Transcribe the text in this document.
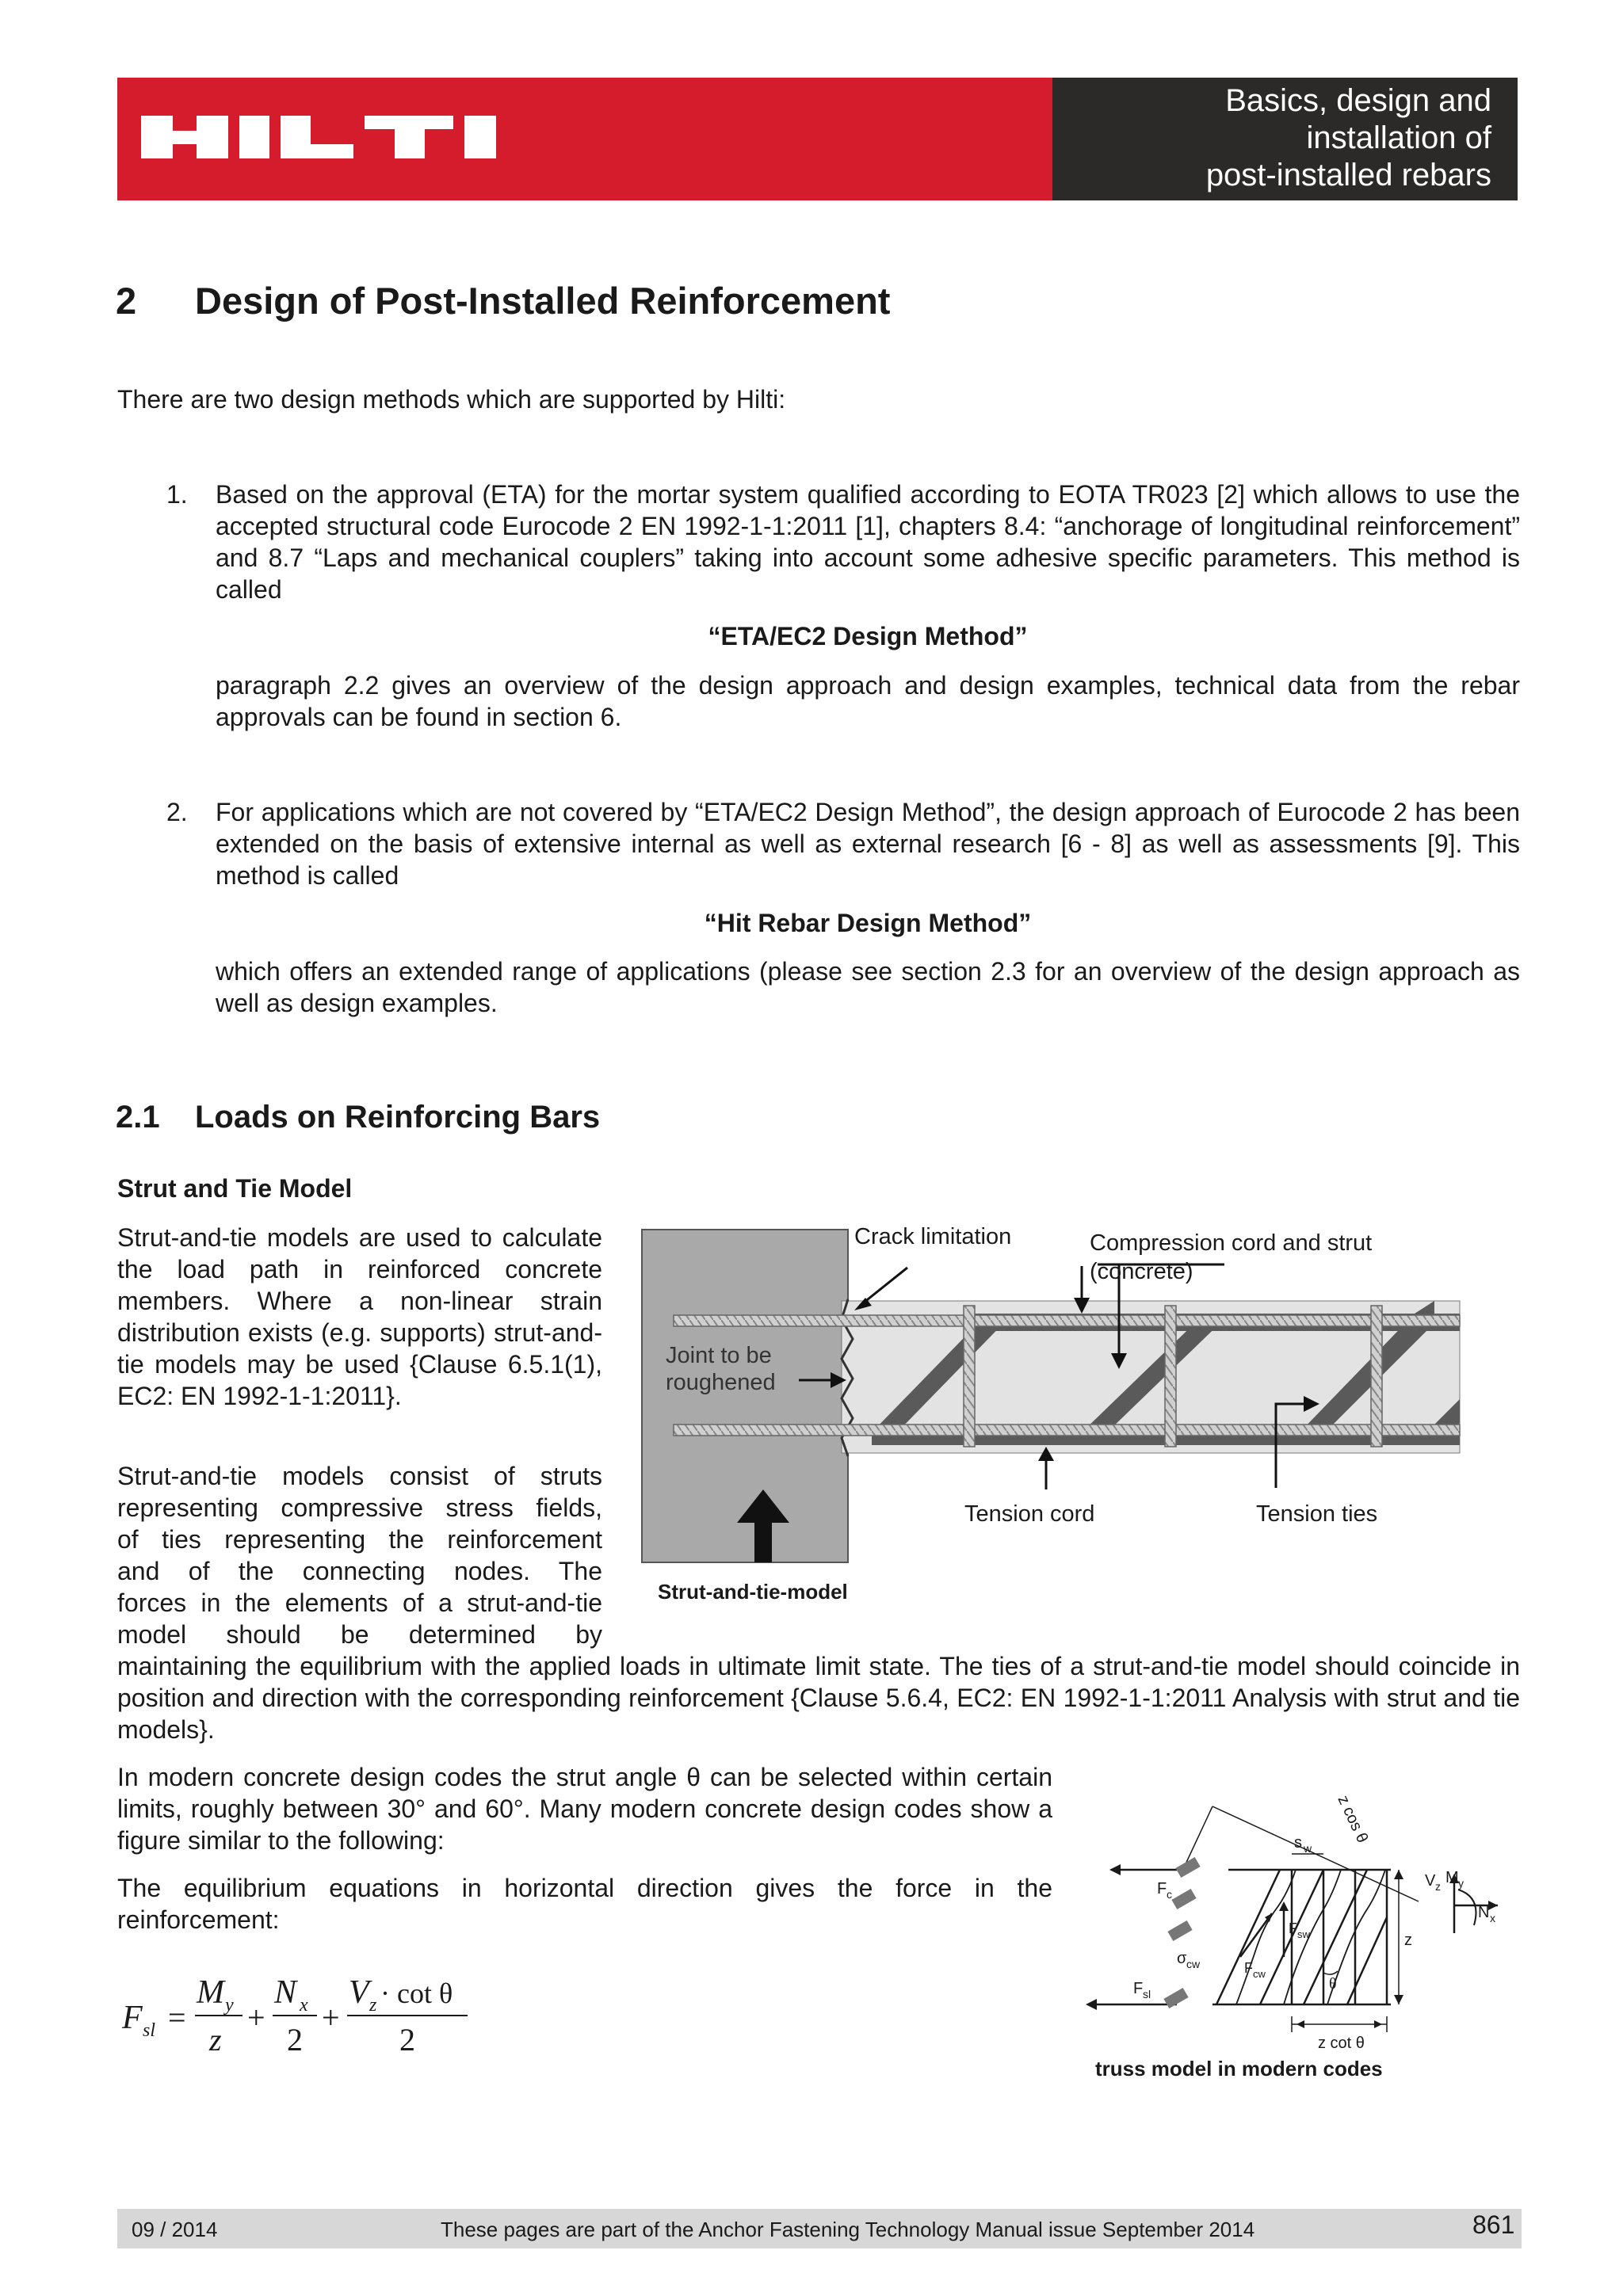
Basics, design and
installation of
post-installed rebars
2 Design of Post-Installed Reinforcement
There are two design methods which are supported by Hilti:
1.	Based on the approval (ETA) for the mortar system qualified according to EOTA TR023 [2] which allows to use the accepted structural code Eurocode 2 EN 1992-1-1:2011 [1], chapters 8.4: “anchorage of longitudinal reinforcement” and 8.7 “Laps and mechanical couplers” taking into account some adhesive specific parameters. This method is called
“ETA/EC2 Design Method”
paragraph 2.2 gives an overview of the design approach and design examples, technical data from the rebar approvals can be found in section 6.
2.	For applications which are not covered by “ETA/EC2 Design Method”, the design approach of Eurocode 2 has been extended on the basis of extensive internal as well as external research [6 - 8] as well as assessments [9]. This method is called
“Hit Rebar Design Method”
which offers an extended range of applications (please see section 2.3 for an overview of the design approach as well as design examples.
2.1 Loads on Reinforcing Bars
Strut and Tie Model
Strut-and-tie models are used to calculate the load path in reinforced concrete members. Where a non-linear strain distribution exists (e.g. supports) strut-and-tie models may be used {Clause 6.5.1(1), EC2: EN 1992-1-1:2011}.
Strut-and-tie models consist of struts
representing compressive stress fields,
of ties representing the reinforcement
and of the connecting nodes. The
forces in the elements of a strut-and-tie
model should be determined by
maintaining the equilibrium with the applied loads in ultimate limit state. The ties of a strut-and-tie model should coincide in position and direction with the corresponding reinforcement {Clause 5.6.4, EC2: EN 1992-1-1:2011 Analysis with strut and tie models}.
Crack limitation	Compression cord and strut
(concrete)
Joint to be
roughened
Tension cord	Tension ties
Strut-and-tie-model
In modern concrete design codes the strut angle θ can be selected within certain limits, roughly between 30° and 60°. Many modern concrete design codes show a figure similar to the following:
The equilibrium equations in horizontal direction gives the force in the reinforcement:
F sl =
M y
z
+
N x
2
+
V z · cot θ
2
z cos θ
s w
F c
σ cw	F cw
F sw
θ
z
z cot θ
F sl
V z M y
N x
truss model in modern codes
09 / 2014	These pages are part of the Anchor Fastening Technology Manual issue September 2014	861
